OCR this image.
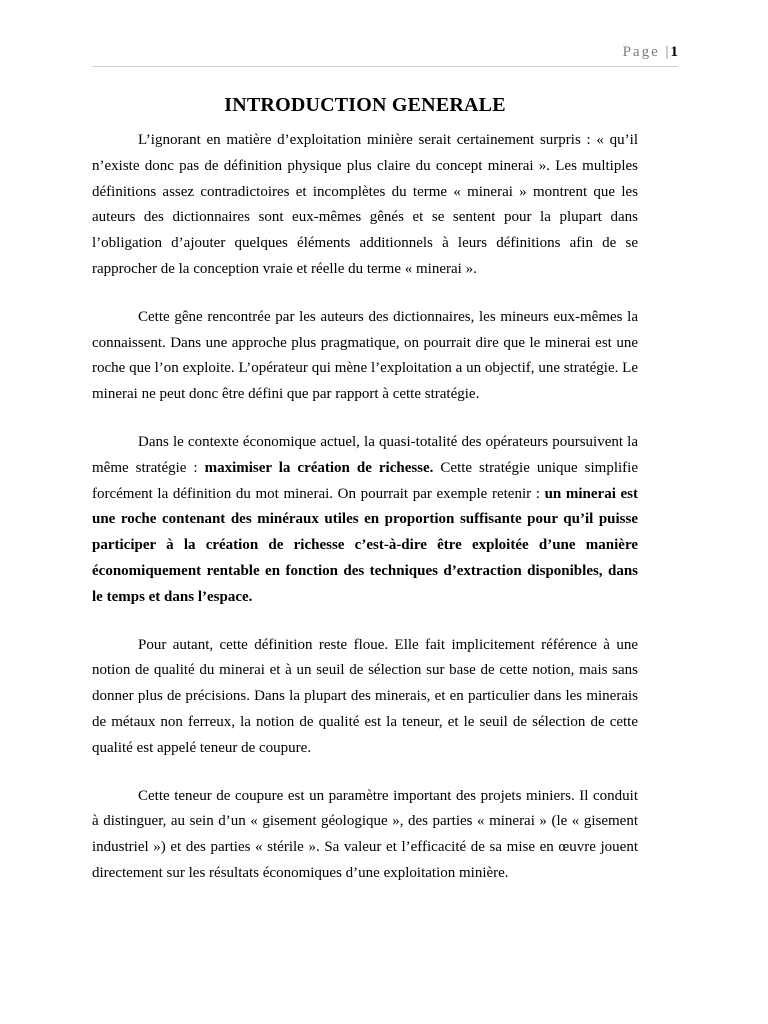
Page |1
INTRODUCTION GENERALE

L’ignorant en matière d’exploitation minière serait certainement surpris : « qu’il n’existe donc pas de définition physique plus claire du concept minerai ». Les multiples définitions assez contradictoires et incomplètes du terme « minerai » montrent que les auteurs des dictionnaires sont eux-mêmes gênés et se sentent pour la plupart dans l’obligation d’ajouter quelques éléments additionnels à leurs définitions afin de se rapprocher de la conception vraie et réelle du terme « minerai ».

Cette gêne rencontrée par les auteurs des dictionnaires, les mineurs eux-mêmes la connaissent. Dans une approche plus pragmatique, on pourrait dire que le minerai est une roche que l’on exploite. L’opérateur qui mène l’exploitation a un objectif, une stratégie. Le minerai ne peut donc être défini que par rapport à cette stratégie.

Dans le contexte économique actuel, la quasi-totalité des opérateurs poursuivent la même stratégie : maximiser la création de richesse. Cette stratégie unique simplifie forcément la définition du mot minerai. On pourrait par exemple retenir : un minerai est une roche contenant des minéraux utiles en proportion suffisante pour qu’il puisse participer à la création de richesse c’est-à-dire être exploitée d’une manière économiquement rentable en fonction des techniques d’extraction disponibles, dans le temps et dans l’espace.

Pour autant, cette définition reste floue. Elle fait implicitement référence à une notion de qualité du minerai et à un seuil de sélection sur base de cette notion, mais sans donner plus de précisions. Dans la plupart des minerais, et en particulier dans les minerais de métaux non ferreux, la notion de qualité est la teneur, et le seuil de sélection de cette qualité est appelé teneur de coupure.

Cette teneur de coupure est un paramètre important des projets miniers. Il conduit à distinguer, au sein d’un « gisement géologique », des parties « minerai » (le « gisement industriel ») et des parties « stérile ». Sa valeur et l’efficacité de sa mise en œuvre jouent directement sur les résultats économiques d’une exploitation minière.
